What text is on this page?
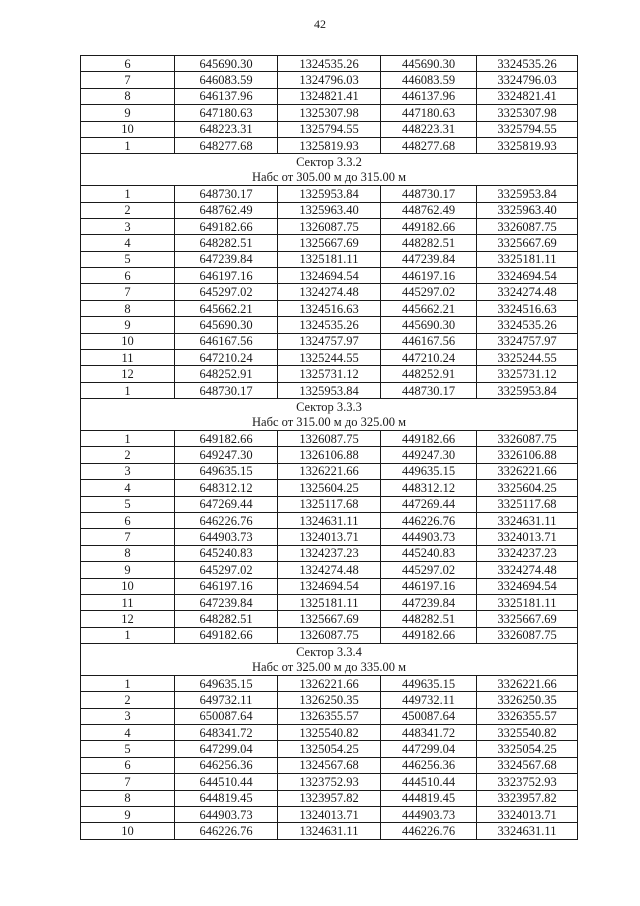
42
6	645690.30	1324535.26	445690.30	3324535.26
7	646083.59	1324796.03	446083.59	3324796.03
8	646137.96	1324821.41	446137.96	3324821.41
9	647180.63	1325307.98	447180.63	3325307.98
10	648223.31	1325794.55	448223.31	3325794.55
1	648277.68	1325819.93	448277.68	3325819.93
Сектор 3.3.2				
Набс от 305.00 м до 315.00 м				
1	648730.17	1325953.84	448730.17	3325953.84
2	648762.49	1325963.40	448762.49	3325963.40
3	649182.66	1326087.75	449182.66	3326087.75
4	648282.51	1325667.69	448282.51	3325667.69
5	647239.84	1325181.11	447239.84	3325181.11
6	646197.16	1324694.54	446197.16	3324694.54
7	645297.02	1324274.48	445297.02	3324274.48
8	645662.21	1324516.63	445662.21	3324516.63
9	645690.30	1324535.26	445690.30	3324535.26
10	646167.56	1324757.97	446167.56	3324757.97
11	647210.24	1325244.55	447210.24	3325244.55
12	648252.91	1325731.12	448252.91	3325731.12
1	648730.17	1325953.84	448730.17	3325953.84
Сектор 3.3.3				
Набс от 315.00 м до 325.00 м				
1	649182.66	1326087.75	449182.66	3326087.75
2	649247.30	1326106.88	449247.30	3326106.88
3	649635.15	1326221.66	449635.15	3326221.66
4	648312.12	1325604.25	448312.12	3325604.25
5	647269.44	1325117.68	447269.44	3325117.68
6	646226.76	1324631.11	446226.76	3324631.11
7	644903.73	1324013.71	444903.73	3324013.71
8	645240.83	1324237.23	445240.83	3324237.23
9	645297.02	1324274.48	445297.02	3324274.48
10	646197.16	1324694.54	446197.16	3324694.54
11	647239.84	1325181.11	447239.84	3325181.11
12	648282.51	1325667.69	448282.51	3325667.69
1	649182.66	1326087.75	449182.66	3326087.75
Сектор 3.3.4				
Набс от 325.00 м до 335.00 м				
1	649635.15	1326221.66	449635.15	3326221.66
2	649732.11	1326250.35	449732.11	3326250.35
3	650087.64	1326355.57	450087.64	3326355.57
4	648341.72	1325540.82	448341.72	3325540.82
5	647299.04	1325054.25	447299.04	3325054.25
6	646256.36	1324567.68	446256.36	3324567.68
7	644510.44	1323752.93	444510.44	3323752.93
8	644819.45	1323957.82	444819.45	3323957.82
9	644903.73	1324013.71	444903.73	3324013.71
10	646226.76	1324631.11	446226.76	3324631.11
